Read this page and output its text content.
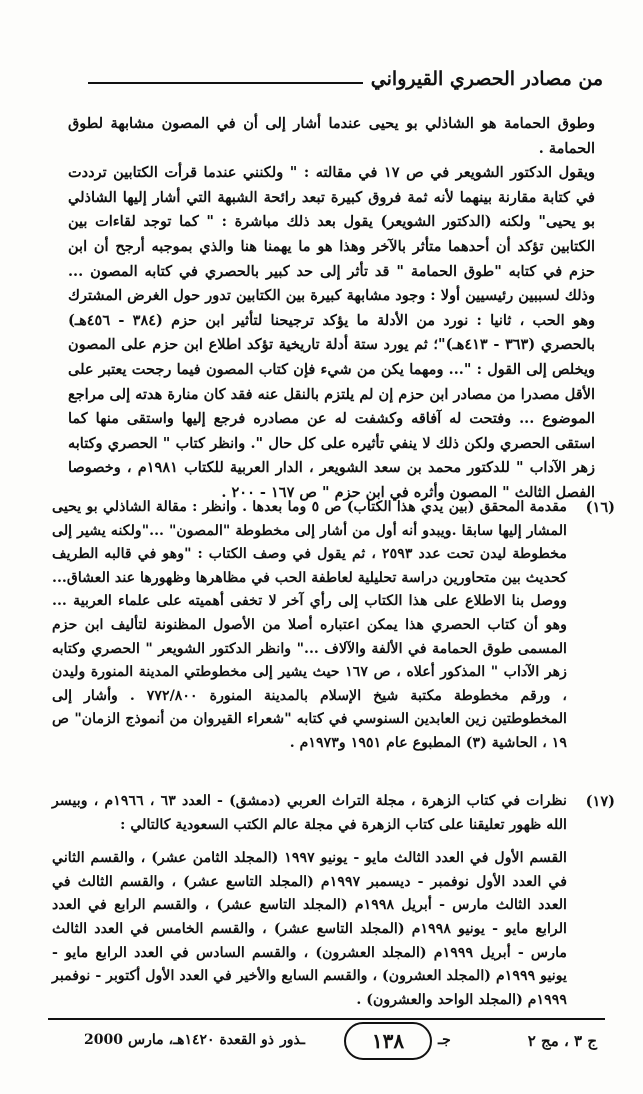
من مصادر الحصري القيرواني

وطوق الحمامة هو الشاذلي بو يحيى عندما أشار إلى أن في المصون مشابهة لطوق الحمامة .

ويقول الدكتور الشويعر في ص ١٧ في مقالته : " ولكنني عندما قرأت الكتابين ترددت في كتابة مقارنة بينهما لأنه ثمة فروق كبيرة تبعد رائحة الشبهة التي أشار إليها الشاذلي بو يحيى" ولكنه (الدكتور الشويعر) يقول بعد ذلك مباشرة : " كما توجد لقاءات بين الكتابين تؤكد أن أحدهما متأثر بالآخر وهذا هو ما يهمنا هنا والذي بموجبه أرجح أن ابن حزم في كتابه "طوق الحمامة " قد تأثر إلى حد كبير بالحصري في كتابه المصون ... وذلك لسببين رئيسيين أولا : وجود مشابهة كبيرة بين الكتابين تدور حول الغرض المشترك وهو الحب ، ثانيا : نورد من الأدلة ما يؤكد ترجيحنا لتأثير ابن حزم (٣٨٤ - ٤٥٦هـ) بالحصري (٣٦٣ - ٤١٣هـ)"؛ ثم يورد ستة أدلة تاريخية تؤكد اطلاع ابن حزم على المصون ويخلص إلى القول : "... ومهما يكن من شيء فإن كتاب المصون فيما رجحت يعتبر على الأقل مصدرا من مصادر ابن حزم إن لم يلتزم بالنقل عنه فقد كان منارة هدته إلى مراجع الموضوع ... وفتحت له آفاقه وكشفت له عن مصادره فرجع إليها واستقى منها كما استقى الحصري ولكن ذلك لا ينفي تأثيره على كل حال ". وانظر كتاب " الحصري وكتابه زهر الآداب " للدكتور محمد بن سعد الشويعر ، الدار العربية للكتاب ١٩٨١م ، وخصوصا الفصل الثالث " المصون وأثره في ابن حزم " ص ١٦٧ - ٢٠٠ .

(١٦)

مقدمة المحقق (بين يدي هذا الكتاب) ص ٥ وما بعدها . وانظر : مقالة الشاذلي بو يحيى المشار إليها سابقا .ويبدو أنه أول من أشار إلى مخطوطة "المصون" ..."ولكنه يشير إلى مخطوطة ليدن تحت عدد ٢٥٩٣ ، ثم يقول في وصف الكتاب : "وهو في قالبه الطريف كحديث بين متحاورين دراسة تحليلية لعاطفة الحب في مظاهرها وظهورها عند العشاق... ووصل بنا الاطلاع على هذا الكتاب إلى رأي آخر لا تخفى أهميته على علماء العربية ... وهو أن كتاب الحصري هذا يمكن اعتباره أصلا من الأصول المظنونة لتأليف ابن حزم المسمى طوق الحمامة في الألفة والآلاف ..." وانظر الدكتور الشويعر " الحصري وكتابه زهر الآداب " المذكور أعلاه ، ص ١٦٧ حيث يشير إلى مخطوطتي المدينة المنورة وليدن ، ورقم مخطوطة مكتبة شيخ الإسلام بالمدينة المنورة ٧٧٢/٨٠٠ . وأشار إلى المخطوطتين زين العابدين السنوسي في كتابه "شعراء القيروان من أنموذج الزمان" ص ١٩ ، الحاشية (٣) المطبوع عام ١٩٥١ و١٩٧٣م .

(١٧)

نظرات في كتاب الزهرة ، مجلة التراث العربي (دمشق) - العدد ٦٣ ، ١٩٦٦م ، وبيسر الله ظهور تعليقنا على كتاب الزهرة في مجلة عالم الكتب السعودية كالتالي :

القسم الأول في العدد الثالث مايو - يونيو ١٩٩٧ (المجلد الثامن عشر) ، والقسم الثاني في العدد الأول نوفمبر - ديسمبر ١٩٩٧م (المجلد التاسع عشر) ، والقسم الثالث في العدد الثالث مارس - أبريل ١٩٩٨م (المجلد التاسع عشر) ، والقسم الرابع في العدد الرابع مايو - يونيو ١٩٩٨م (المجلد التاسع عشر) ، والقسم الخامس في العدد الثالث مارس - أبريل ١٩٩٩م (المجلد العشرون) ، والقسم السادس في العدد الرابع مايو - يونيو ١٩٩٩م (المجلد العشرون) ، والقسم السابع والأخير في العدد الأول أكتوبر - نوفمبر ١٩٩٩م (المجلد الواحد والعشرون) .

ج ٣ ، مج ٢
جـ
١٣٨
ـذور
ذو القعدة ١٤٢٠هـ، مارس
2000
